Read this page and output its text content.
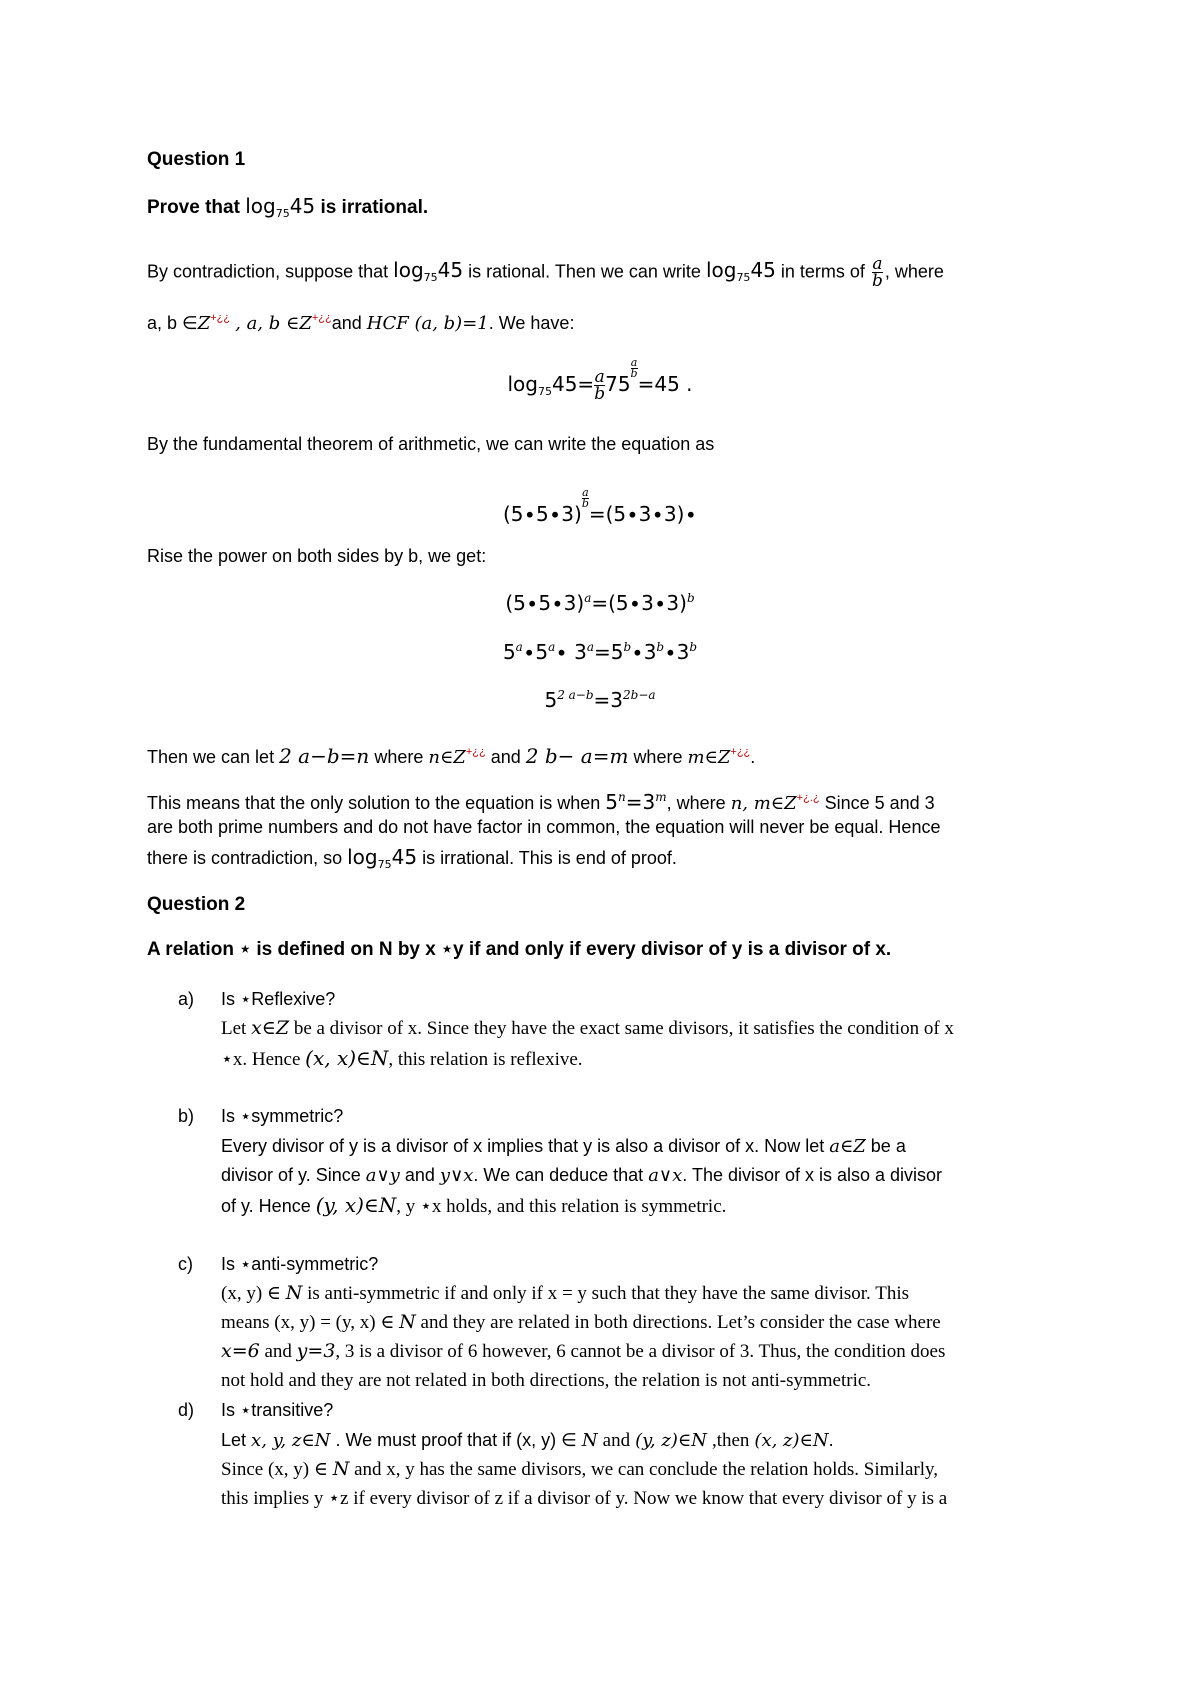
Question 1
Prove that $\log_{75}45$ is irrational.
By contradiction, suppose that $\log_{75}45$ is rational. Then we can write $\log_{75}45$ in terms of $\frac{a}{b}$ , where
a, b ∈Z+¿¿ , a, b ∈Z+¿¿and HCF (a, b)=1. We have:
$\log_{75}45= \frac{a}{b} 75$
$\frac{a}{b}$
=45 .
By the fundamental theorem of arithmetic, we can write the equation as
(5∙5∙3)
$\frac{a}{b}$
=(5∙3∙3)∙
Rise the power on both sides by b, we get:
$(5\cdot 5\cdot 3)^a=(5\cdot 3\cdot 3)^b$
$5^a\cdot 5^a\cdot 3^a=5^b\cdot 3^b\cdot 3^b$
$5^{2 a-b}=3^{2b-a}$
Then we can let 2 a−b=n where n∈Z+¿¿ and 2 b− a=m where m∈Z+¿¿.
This means that the only solution to the equation is when $5^n=3^m$, where n, m∈Z+¿.¿ Since 5 and 3
are both prime numbers and do not have factor in common, the equation will never be equal. Hence
there is contradiction, so $\log_{75}45$ is irrational. This is end of proof.
Question 2
A relation ⋆ is defined on N by x ⋆y if and only if every divisor of y is a divisor of x.
a) Is ⋆Reflexive?
Let x∈Z be a divisor of x. Since they have the exact same divisors, it satisfies the condition of x
⋆x. Hence (x, x)∈N, this relation is reflexive.
b) Is ⋆symmetric?
Every divisor of y is a divisor of x implies that y is also a divisor of x. Now let a∈Z be a
divisor of y. Since a∨y and y∨x. We can deduce that a∨x. The divisor of x is also a divisor
of y. Hence (y, x)∈N, y ⋆x holds, and this relation is symmetric.
c) Is ⋆anti-symmetric?
(x, y) ∈ N is anti-symmetric if and only if x = y such that they have the same divisor. This
means (x, y) = (y, x) ∈ N and they are related in both directions. Let’s consider the case where
x=6 and y=3, 3 is a divisor of 6 however, 6 cannot be a divisor of 3. Thus, the condition does
not hold and they are not related in both directions, the relation is not anti-symmetric.
d) Is ⋆transitive?
Let x, y, z∈N . We must proof that if (x, y) ∈ N and (y, z)∈N ,then (x, z)∈N.
Since (x, y) ∈ N and x, y has the same divisors, we can conclude the relation holds. Similarly,
this implies y ⋆z if every divisor of z if a divisor of y. Now we know that every divisor of y is a
